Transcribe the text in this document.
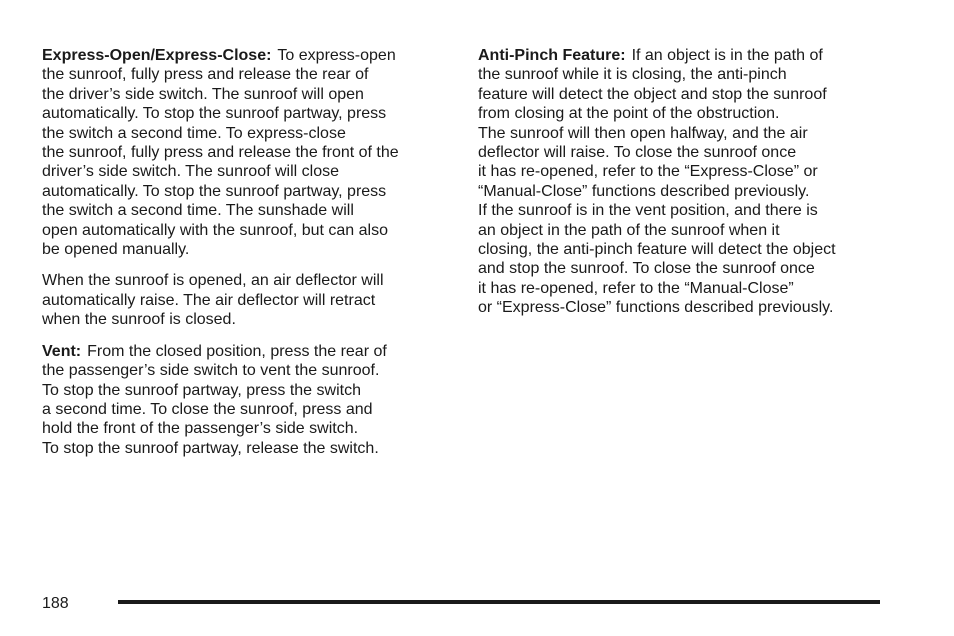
Express-Open/Express-Close: To express-open
the sunroof, fully press and release the rear of
the driver’s side switch. The sunroof will open
automatically. To stop the sunroof partway, press
the switch a second time. To express-close
the sunroof, fully press and release the front of the
driver’s side switch. The sunroof will close
automatically. To stop the sunroof partway, press
the switch a second time. The sunshade will
open automatically with the sunroof, but can also
be opened manually.

When the sunroof is opened, an air deflector will
automatically raise. The air deflector will retract
when the sunroof is closed.

Vent: From the closed position, press the rear of
the passenger’s side switch to vent the sunroof.
To stop the sunroof partway, press the switch
a second time. To close the sunroof, press and
hold the front of the passenger’s side switch.
To stop the sunroof partway, release the switch.

Anti-Pinch Feature: If an object is in the path of
the sunroof while it is closing, the anti-pinch
feature will detect the object and stop the sunroof
from closing at the point of the obstruction.
The sunroof will then open halfway, and the air
deflector will raise. To close the sunroof once
it has re-opened, refer to the “Express-Close” or
“Manual-Close” functions described previously.
If the sunroof is in the vent position, and there is
an object in the path of the sunroof when it
closing, the anti-pinch feature will detect the object
and stop the sunroof. To close the sunroof once
it has re-opened, refer to the “Manual-Close”
or “Express-Close” functions described previously.

188
